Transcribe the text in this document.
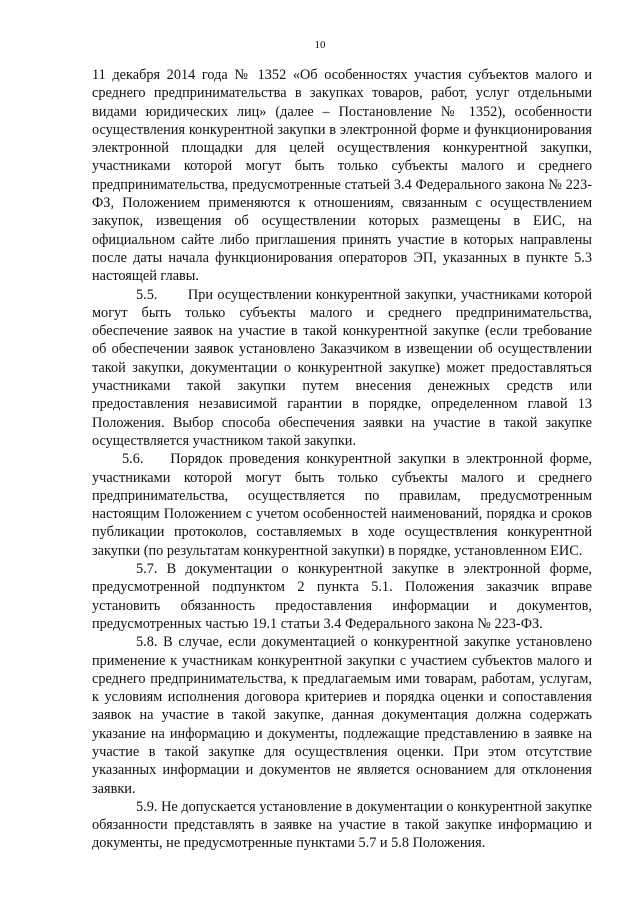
10

11 декабря 2014 года № 1352 «Об особенностях участия субъектов малого и среднего предпринимательства в закупках товаров, работ, услуг отдельными видами юридических лиц» (далее – Постановление № 1352), особенности осуществления конкурентной закупки в электронной форме и функционирования электронной площадки для целей осуществления конкурентной закупки, участниками которой могут быть только субъекты малого и среднего предпринимательства, предусмотренные статьей 3.4 Федерального закона № 223-ФЗ, Положением применяются к отношениям, связанным с осуществлением закупок, извещения об осуществлении которых размещены в ЕИС, на официальном сайте либо приглашения принять участие в которых направлены после даты начала функционирования операторов ЭП, указанных в пункте 5.3 настоящей главы.

5.5. При осуществлении конкурентной закупки, участниками которой могут быть только субъекты малого и среднего предпринимательства, обеспечение заявок на участие в такой конкурентной закупке (если требование об обеспечении заявок установлено Заказчиком в извещении об осуществлении такой закупки, документации о конкурентной закупке) может предоставляться участниками такой закупки путем внесения денежных средств или предоставления независимой гарантии в порядке, определенном главой 13 Положения. Выбор способа обеспечения заявки на участие в такой закупке осуществляется участником такой закупки.

5.6. Порядок проведения конкурентной закупки в электронной форме, участниками которой могут быть только субъекты малого и среднего предпринимательства, осуществляется по правилам, предусмотренным настоящим Положением с учетом особенностей наименований, порядка и сроков публикации протоколов, составляемых в ходе осуществления конкурентной закупки (по результатам конкурентной закупки) в порядке, установленном ЕИС.

5.7. В документации о конкурентной закупке в электронной форме, предусмотренной подпунктом 2 пункта 5.1. Положения заказчик вправе установить обязанность предоставления информации и документов, предусмотренных частью 19.1 статьи 3.4 Федерального закона № 223-ФЗ.

5.8. В случае, если документацией о конкурентной закупке установлено применение к участникам конкурентной закупки с участием субъектов малого и среднего предпринимательства, к предлагаемым ими товарам, работам, услугам, к условиям исполнения договора критериев и порядка оценки и сопоставления заявок на участие в такой закупке, данная документация должна содержать указание на информацию и документы, подлежащие представлению в заявке на участие в такой закупке для осуществления оценки. При этом отсутствие указанных информации и документов не является основанием для отклонения заявки.

5.9. Не допускается установление в документации о конкурентной закупке обязанности представлять в заявке на участие в такой закупке информацию и документы, не предусмотренные пунктами 5.7 и 5.8 Положения.
